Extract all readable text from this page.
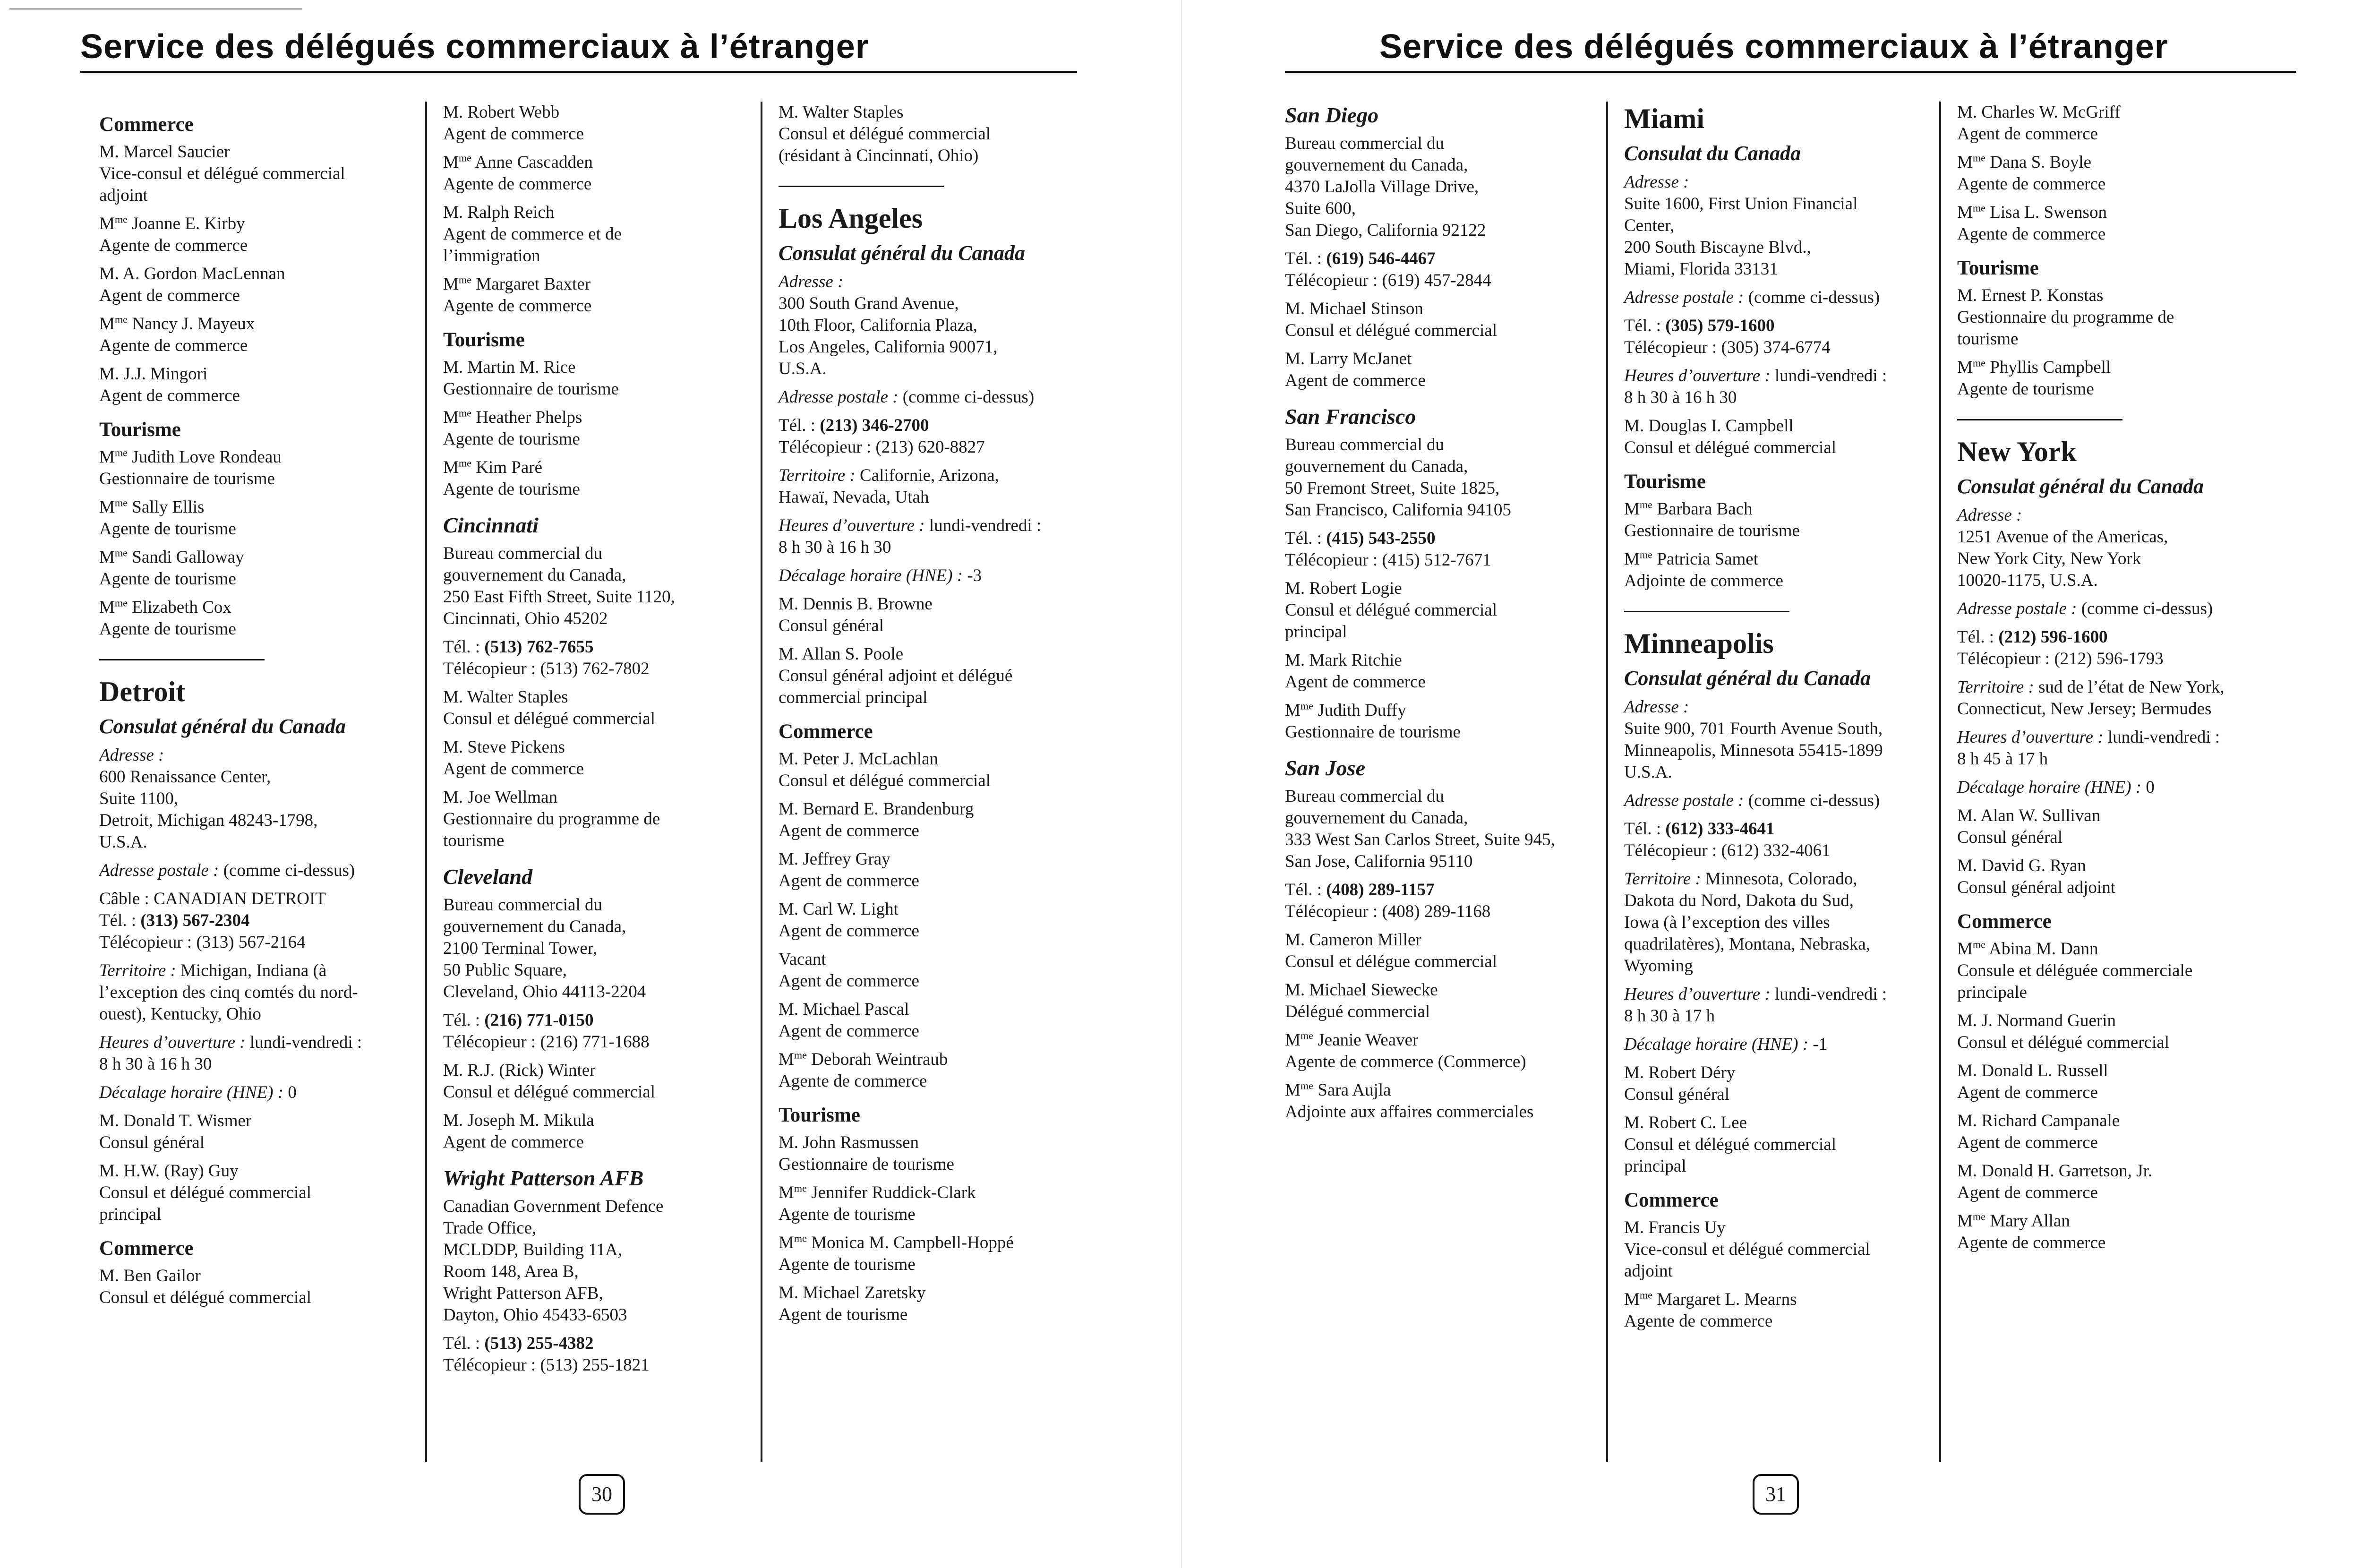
Service des délégués commerciaux à l’étranger
Commerce
M. Marcel Saucier
Vice-consul et délégué commercial
adjoint
$M^{me}$ Joanne E. Kirby
Agente de commerce
M. A. Gordon MacLennan
Agent de commerce
$M^{me}$ Nancy J. Mayeux
Agente de commerce
M. J.J. Mingori
Agent de commerce
Tourisme
$M^{me}$ Judith Love Rondeau
Gestionnaire de tourisme
$M^{me}$ Sally Ellis
Agente de tourisme
$M^{me}$ Sandi Galloway
Agente de tourisme
$M^{me}$ Elizabeth Cox
Agente de tourisme
Detroit
Consulat général du Canada
Adresse :
600 Renaissance Center,
Suite 1100,
Detroit, Michigan 48243-1798,
U.S.A.
Adresse postale : (comme ci-dessus)
Câble : CANADIAN DETROIT
Tél. : (313) 567-2304
Télécopieur : (313) 567-2164
Territoire : Michigan, Indiana (à
l’exception des cinq comtés du nord-
ouest), Kentucky, Ohio
Heures d’ouverture : lundi-vendredi :
8 h 30 à 16 h 30
Décalage horaire (HNE) : 0
M. Donald T. Wismer
Consul général
M. H.W. (Ray) Guy
Consul et délégué commercial
principal
Commerce
M. Ben Gailor
Consul et délégué commercial
M. Robert Webb
Agent de commerce
$M^{me}$ Anne Cascadden
Agente de commerce
M. Ralph Reich
Agent de commerce et de
l’immigration
$M^{me}$ Margaret Baxter
Agente de commerce
Tourisme
M. Martin M. Rice
Gestionnaire de tourisme
$M^{me}$ Heather Phelps
Agente de tourisme
$M^{me}$ Kim Paré
Agente de tourisme
Cincinnati
Bureau commercial du
gouvernement du Canada,
250 East Fifth Street, Suite 1120,
Cincinnati, Ohio 45202
Tél. : (513) 762-7655
Télécopieur : (513) 762-7802
M. Walter Staples
Consul et délégué commercial
M. Steve Pickens
Agent de commerce
M. Joe Wellman
Gestionnaire du programme de
tourisme
Cleveland
Bureau commercial du
gouvernement du Canada,
2100 Terminal Tower,
50 Public Square,
Cleveland, Ohio 44113-2204
Tél. : (216) 771-0150
Télécopieur : (216) 771-1688
M. R.J. (Rick) Winter
Consul et délégué commercial
M. Joseph M. Mikula
Agent de commerce
Wright Patterson AFB
Canadian Government Defence
Trade Office,
MCLDDP, Building 11A,
Room 148, Area B,
Wright Patterson AFB,
Dayton, Ohio 45433-6503
Tél. : (513) 255-4382
Télécopieur : (513) 255-1821
M. Walter Staples
Consul et délégué commercial
(résidant à Cincinnati, Ohio)
Los Angeles
Consulat général du Canada
Adresse :
300 South Grand Avenue,
10th Floor, California Plaza,
Los Angeles, California 90071,
U.S.A.
Adresse postale : (comme ci-dessus)
Tél. : (213) 346-2700
Télécopieur : (213) 620-8827
Territoire : Californie, Arizona,
Hawaï, Nevada, Utah
Heures d’ouverture : lundi-vendredi :
8 h 30 à 16 h 30
Décalage horaire (HNE) : -3
M. Dennis B. Browne
Consul général
M. Allan S. Poole
Consul général adjoint et délégué
commercial principal
Commerce
M. Peter J. McLachlan
Consul et délégué commercial
M. Bernard E. Brandenburg
Agent de commerce
M. Jeffrey Gray
Agent de commerce
M. Carl W. Light
Agent de commerce
Vacant
Agent de commerce
M. Michael Pascal
Agent de commerce
$M^{me}$ Deborah Weintraub
Agente de commerce
Tourisme
M. John Rasmussen
Gestionnaire de tourisme
$M^{me}$ Jennifer Ruddick-Clark
Agente de tourisme
$M^{me}$ Monica M. Campbell-Hoppé
Agente de tourisme
M. Michael Zaretsky
Agent de tourisme
30
Service des délégués commerciaux à l’étranger
San Diego
Bureau commercial du
gouvernement du Canada,
4370 LaJolla Village Drive,
Suite 600,
San Diego, California 92122
Tél. : (619) 546-4467
Télécopieur : (619) 457-2844
M. Michael Stinson
Consul et délégué commercial
M. Larry McJanet
Agent de commerce
San Francisco
Bureau commercial du
gouvernement du Canada,
50 Fremont Street, Suite 1825,
San Francisco, California 94105
Tél. : (415) 543-2550
Télécopieur : (415) 512-7671
M. Robert Logie
Consul et délégué commercial
principal
M. Mark Ritchie
Agent de commerce
$M^{me}$ Judith Duffy
Gestionnaire de tourisme
San Jose
Bureau commercial du
gouvernement du Canada,
333 West San Carlos Street, Suite 945,
San Jose, California 95110
Tél. : (408) 289-1157
Télécopieur : (408) 289-1168
M. Cameron Miller
Consul et délégue commercial
M. Michael Siewecke
Délégué commercial
$M^{me}$ Jeanie Weaver
Agente de commerce (Commerce)
$M^{me}$ Sara Aujla
Adjointe aux affaires commerciales
Miami
Consulat du Canada
Adresse :
Suite 1600, First Union Financial
Center,
200 South Biscayne Blvd.,
Miami, Florida 33131
Adresse postale : (comme ci-dessus)
Tél. : (305) 579-1600
Télécopieur : (305) 374-6774
Heures d’ouverture : lundi-vendredi :
8 h 30 à 16 h 30
M. Douglas I. Campbell
Consul et délégué commercial
Tourisme
$M^{me}$ Barbara Bach
Gestionnaire de tourisme
$M^{me}$ Patricia Samet
Adjointe de commerce
Minneapolis
Consulat général du Canada
Adresse :
Suite 900, 701 Fourth Avenue South,
Minneapolis, Minnesota 55415-1899
U.S.A.
Adresse postale : (comme ci-dessus)
Tél. : (612) 333-4641
Télécopieur : (612) 332-4061
Territoire : Minnesota, Colorado,
Dakota du Nord, Dakota du Sud,
Iowa (à l’exception des villes
quadrilatères), Montana, Nebraska,
Wyoming
Heures d’ouverture : lundi-vendredi :
8 h 30 à 17 h
Décalage horaire (HNE) : -1
M. Robert Déry
Consul général
M. Robert C. Lee
Consul et délégué commercial
principal
Commerce
M. Francis Uy
Vice-consul et délégué commercial
adjoint
$M^{me}$ Margaret L. Mearns
Agente de commerce
M. Charles W. McGriff
Agent de commerce
$M^{me}$ Dana S. Boyle
Agente de commerce
$M^{me}$ Lisa L. Swenson
Agente de commerce
Tourisme
M. Ernest P. Konstas
Gestionnaire du programme de
tourisme
$M^{me}$ Phyllis Campbell
Agente de tourisme
New York
Consulat général du Canada
Adresse :
1251 Avenue of the Americas,
New York City, New York
10020-1175, U.S.A.
Adresse postale : (comme ci-dessus)
Tél. : (212) 596-1600
Télécopieur : (212) 596-1793
Territoire : sud de l’état de New York,
Connecticut, New Jersey; Bermudes
Heures d’ouverture : lundi-vendredi :
8 h 45 à 17 h
Décalage horaire (HNE) : 0
M. Alan W. Sullivan
Consul général
M. David G. Ryan
Consul général adjoint
Commerce
$M^{me}$ Abina M. Dann
Consule et déléguée commerciale
principale
M. J. Normand Guerin
Consul et délégué commercial
M. Donald L. Russell
Agent de commerce
M. Richard Campanale
Agent de commerce
M. Donald H. Garretson, Jr.
Agent de commerce
$M^{me}$ Mary Allan
Agente de commerce
31
